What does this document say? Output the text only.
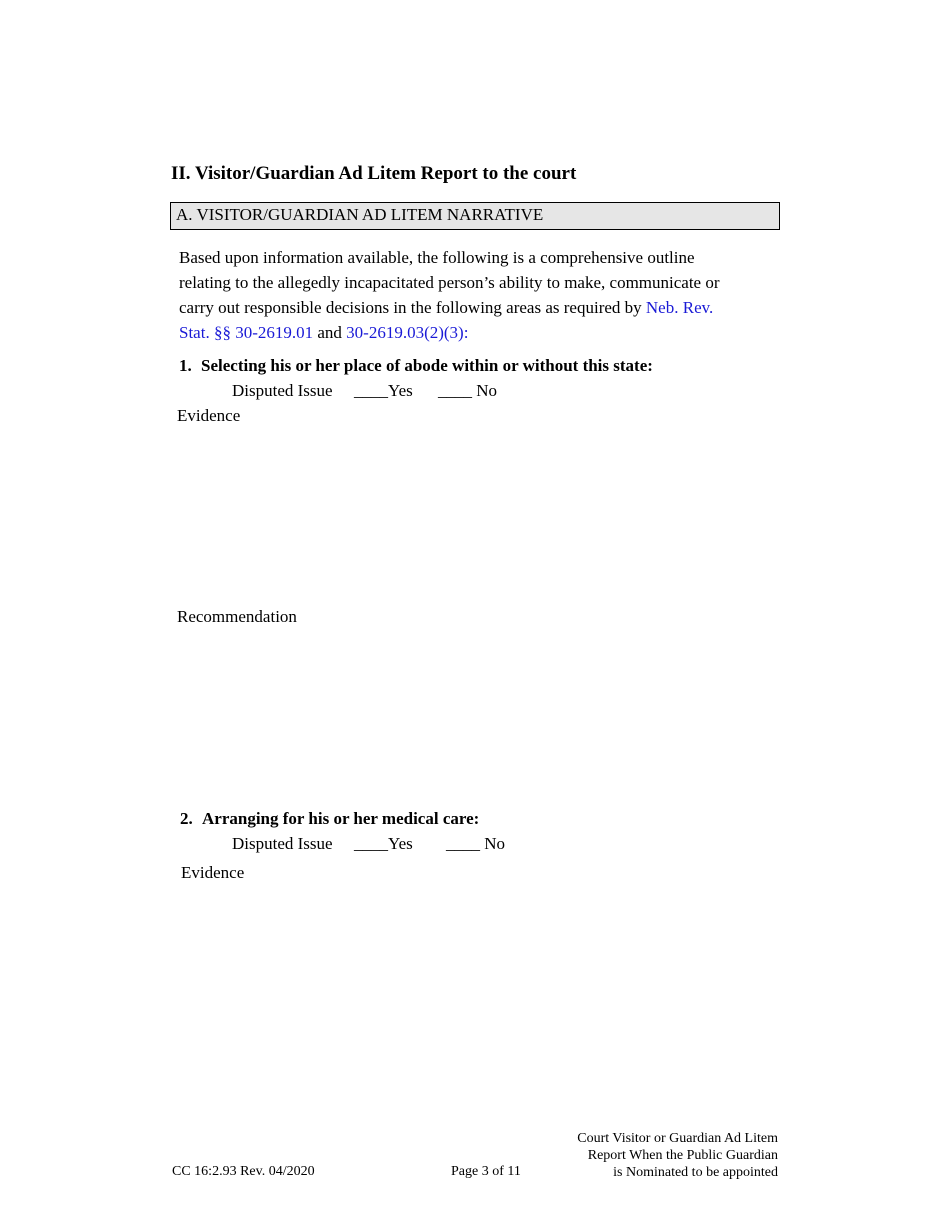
II. Visitor/Guardian Ad Litem Report to the court
A. VISITOR/GUARDIAN AD LITEM NARRATIVE
Based upon information available, the following is a comprehensive outline
relating to the allegedly incapacitated person’s ability to make, communicate or
carry out responsible decisions in the following areas as required by Neb. Rev.
Stat. §§ 30-2619.01 and 30-2619.03(2)(3):
1. Selecting his or her place of abode within or without this state:
Disputed Issue ____Yes ____ No
Evidence
Recommendation
2. Arranging for his or her medical care:
Disputed Issue ____Yes ____ No
Evidence
CC 16:2.93 Rev. 04/2020	Page 3 of 11
Court Visitor or Guardian Ad Litem
Report When the Public Guardian
is Nominated to be appointed
